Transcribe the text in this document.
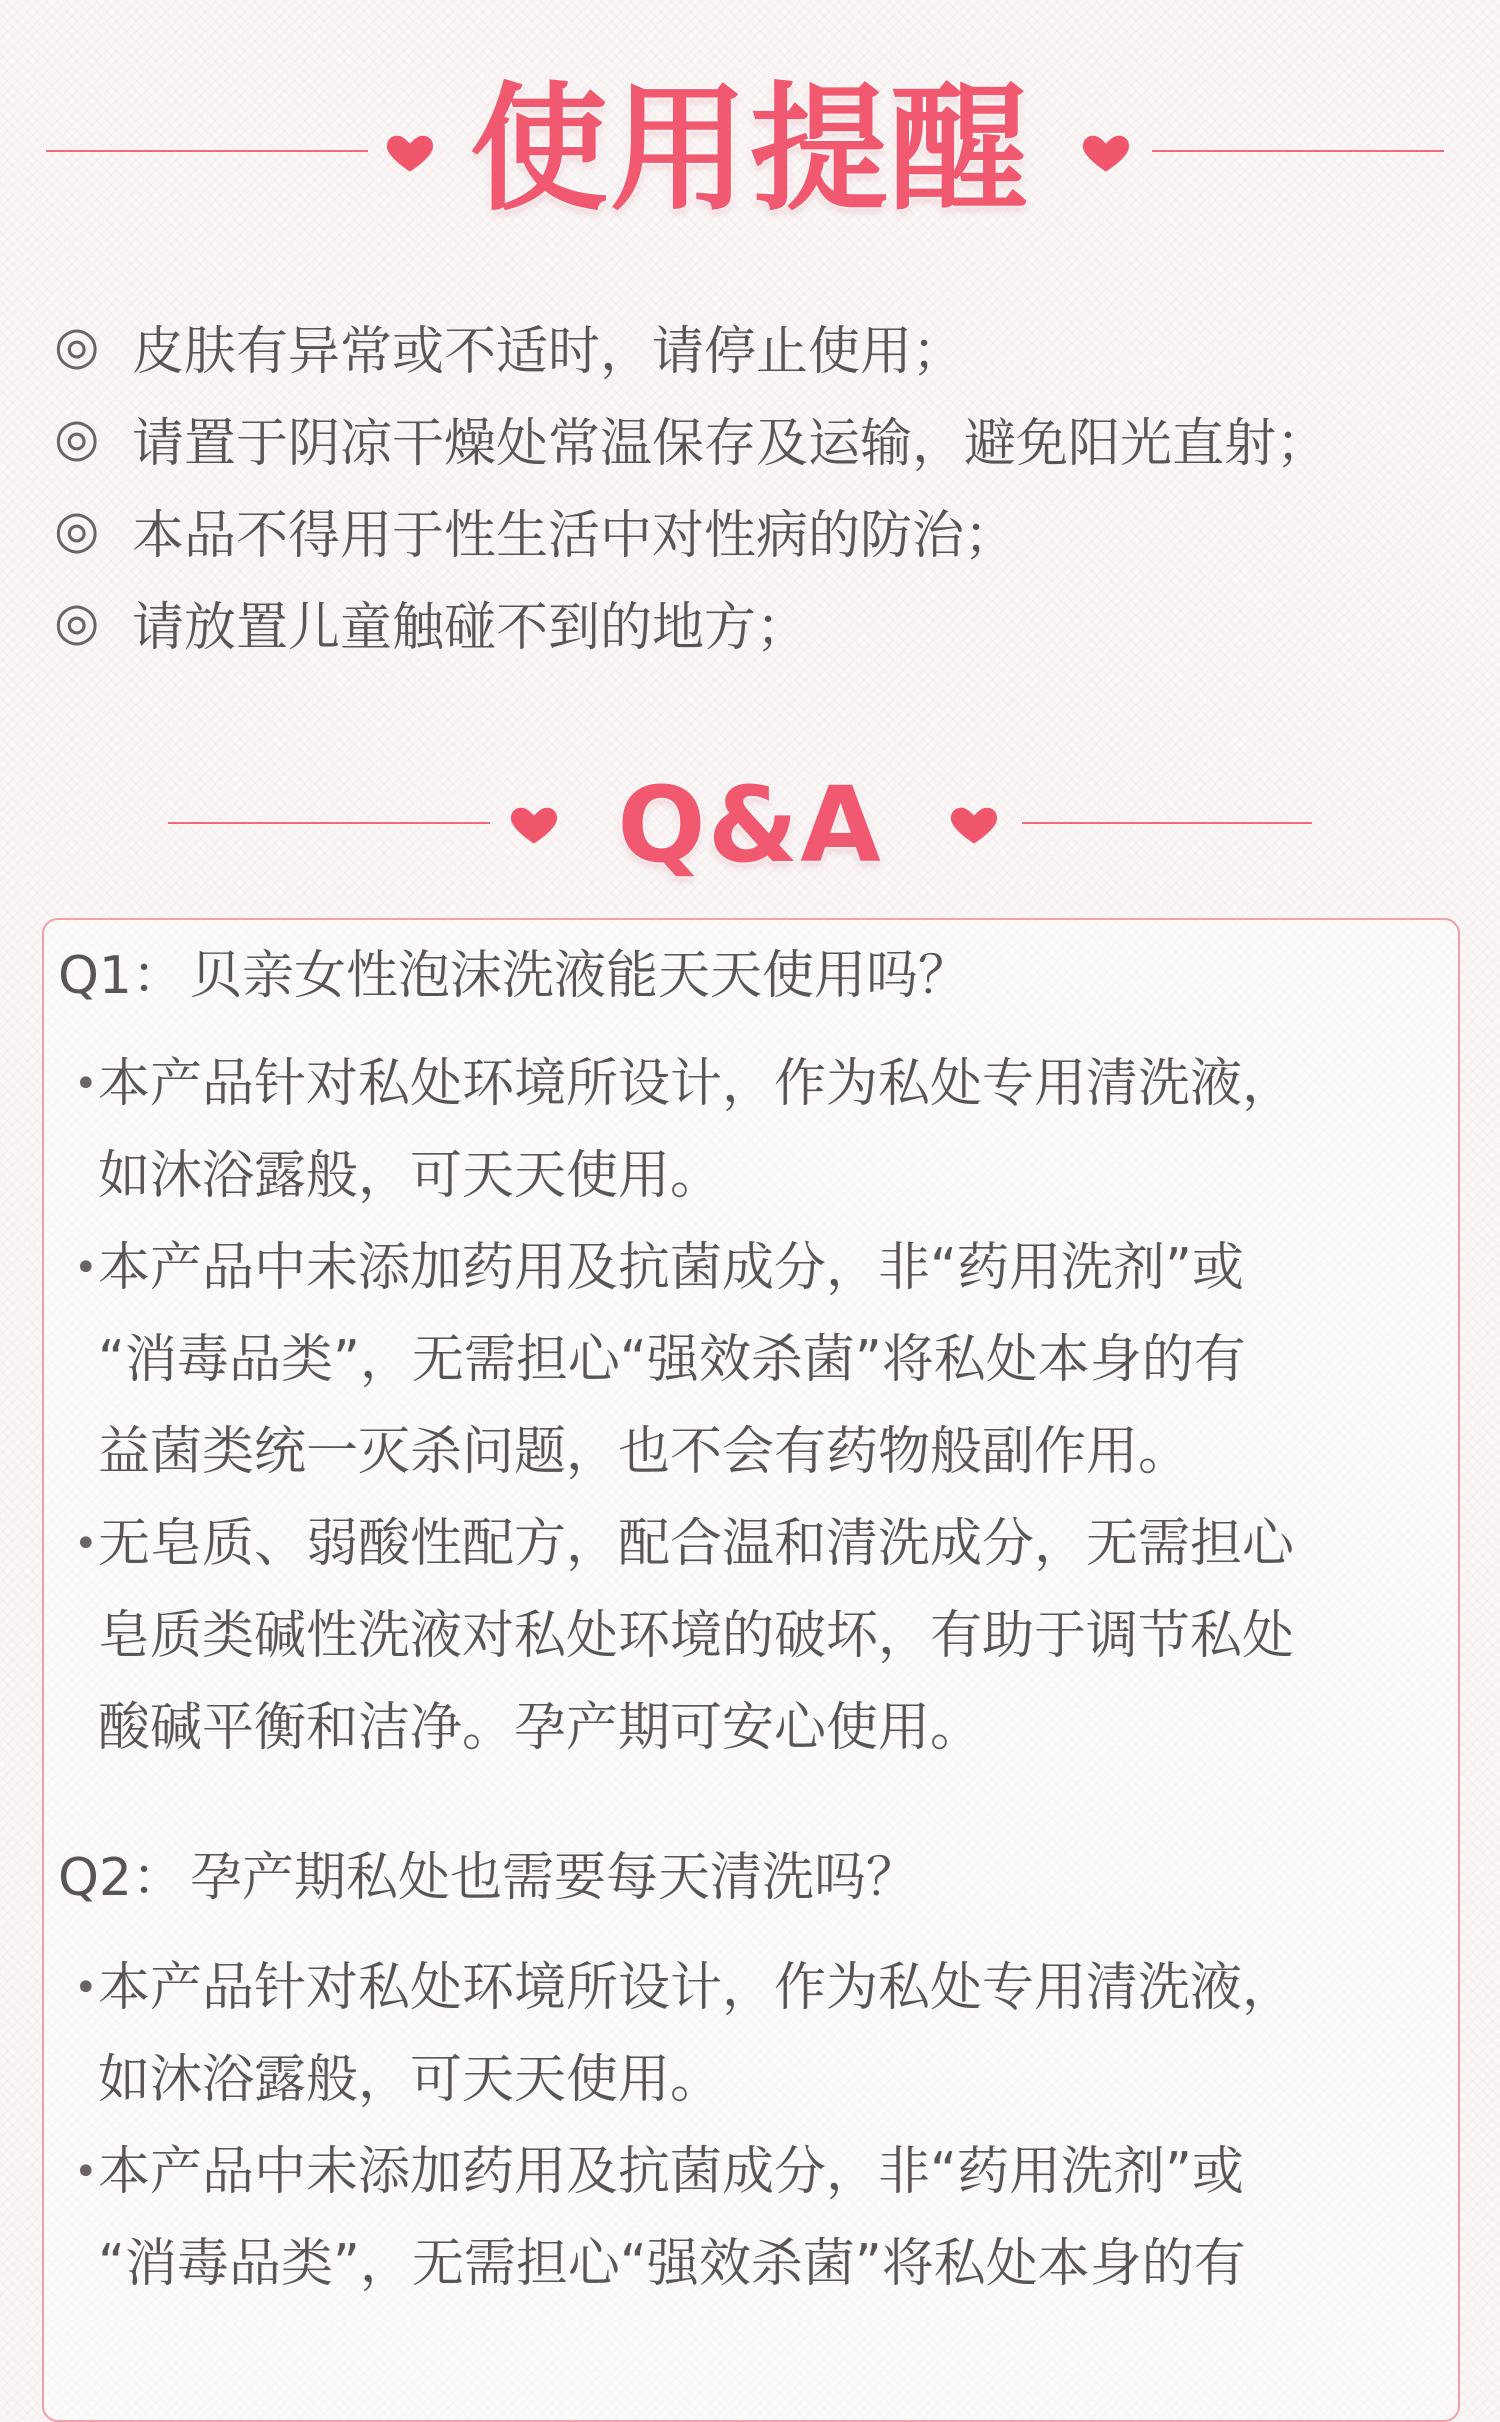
使用提醒
◎ 皮肤有异常或不适时，请停止使用；
◎ 请置于阴凉干燥处常温保存及运输，避免阳光直射；
◎ 本品不得用于性生活中对性病的防治；
◎ 请放置儿童触碰不到的地方；
Q&A
Q1： 贝亲女性泡沫洗液能天天使用吗？
• 本产品针对私处环境所设计，作为私处专用清洗液，
如沐浴露般，可天天使用。
• 本产品中未添加药用及抗菌成分，非“药用洗剂”或
“消毒品类”，无需担心“强效杀菌”将私处本身的有
益菌类统一灭杀问题，也不会有药物般副作用。
• 无皂质、弱酸性配方，配合温和清洗成分，无需担心
皂质类碱性洗液对私处环境的破坏，有助于调节私处
酸碱平衡和洁净。孕产期可安心使用。
Q2： 孕产期私处也需要每天清洗吗？
• 本产品针对私处环境所设计，作为私处专用清洗液，
如沐浴露般，可天天使用。
• 本产品中未添加药用及抗菌成分，非“药用洗剂”或
“消毒品类”，无需担心“强效杀菌”将私处本身的有
